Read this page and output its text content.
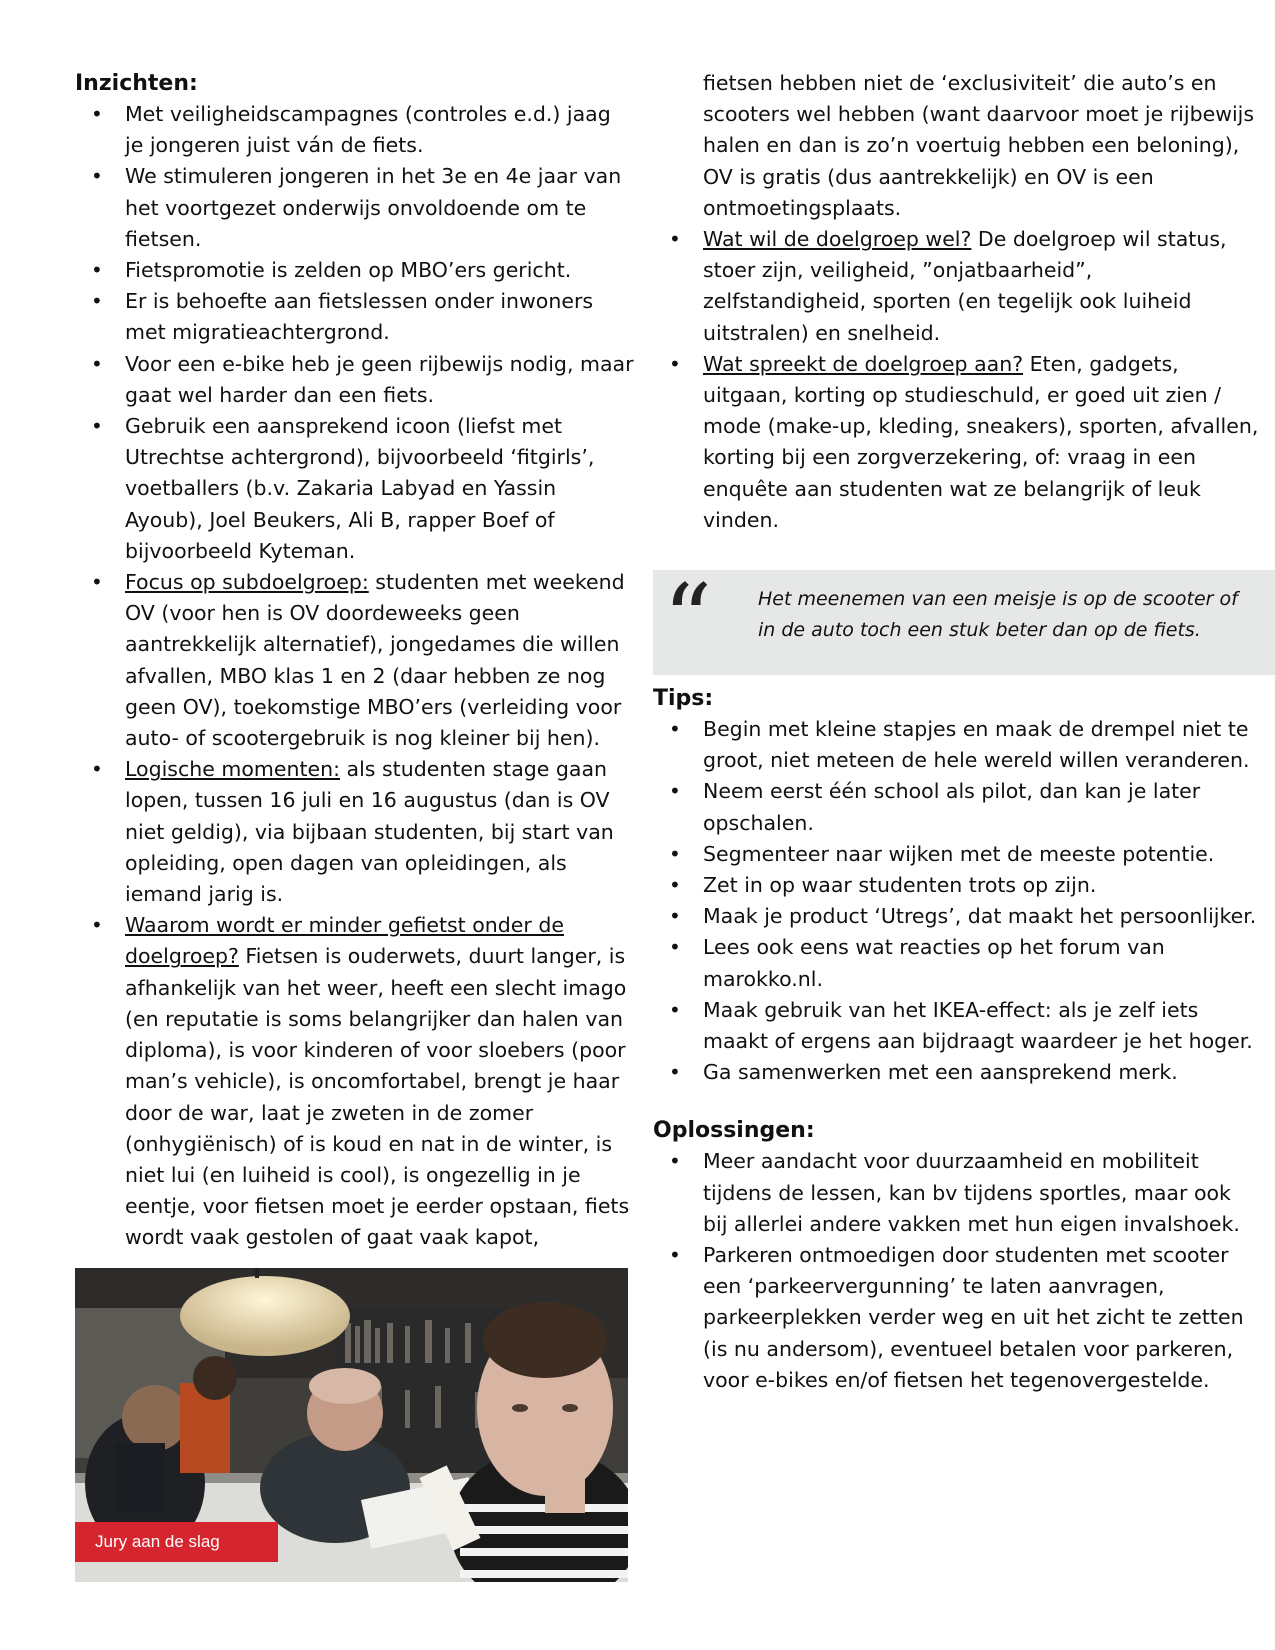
Inzichten:
• Met veiligheidscampagnes (controles e.d.) jaag je jongeren juist ván de fiets.
• We stimuleren jongeren in het 3e en 4e jaar van het voortgezet onderwijs onvoldoende om te fietsen.
• Fietspromotie is zelden op MBO’ers gericht.
• Er is behoefte aan fietslessen onder inwoners met migratieachtergrond.
• Voor een e-bike heb je geen rijbewijs nodig, maar gaat wel harder dan een fiets.
• Gebruik een aansprekend icoon (liefst met Utrechtse achtergrond), bijvoorbeeld ‘fitgirls’, voetballers (b.v. Zakaria Labyad en Yassin Ayoub), Joel Beukers, Ali B, rapper Boef of bijvoorbeeld Kyteman.
• Focus op subdoelgroep: studenten met weekend OV (voor hen is OV doordeweeks geen aantrekkelijk alternatief), jongedames die willen afvallen, MBO klas 1 en 2 (daar hebben ze nog geen OV), toekomstige MBO’ers (verleiding voor auto- of scootergebruik is nog kleiner bij hen).
• Logische momenten: als studenten stage gaan lopen, tussen 16 juli en 16 augustus (dan is OV niet geldig), via bijbaan studenten, bij start van opleiding, open dagen van opleidingen, als iemand jarig is.
• Waarom wordt er minder gefietst onder de doelgroep? Fietsen is ouderwets, duurt langer, is afhankelijk van het weer, heeft een slecht imago (en reputatie is soms belangrijker dan halen van diploma), is voor kinderen of voor sloebers (poor man’s vehicle), is oncomfortabel, brengt je haar door de war, laat je zweten in de zomer (onhygiënisch) of is koud en nat in de winter, is niet lui (en luiheid is cool), is ongezellig in je eentje, voor fietsen moet je eerder opstaan, fiets wordt vaak gestolen of gaat vaak kapot,
Jury aan de slag

fietsen hebben niet de ‘exclusiviteit’ die auto’s en scooters wel hebben (want daarvoor moet je rijbewijs halen en dan is zo’n voertuig hebben een beloning), OV is gratis (dus aantrekkelijk) en OV is een ontmoetingsplaats.

• Wat wil de doelgroep wel? De doelgroep wil status, stoer zijn, veiligheid, ”onjatbaarheid”, zelfstandigheid, sporten (en tegelijk ook luiheid uitstralen) en snelheid.
• Wat spreekt de doelgroep aan? Eten, gadgets, uitgaan, korting op studieschuld, er goed uit zien / mode (make-up, kleding, sneakers), sporten, afvallen, korting bij een zorgverzekering, of: vraag in een enquête aan studenten wat ze belangrijk of leuk vinden.
“ Het meenemen van een meisje is op de scooter of in de auto toch een stuk beter dan op de fiets.
Tips:
• Begin met kleine stapjes en maak de drempel niet te groot, niet meteen de hele wereld willen veranderen.
• Neem eerst één school als pilot, dan kan je later opschalen.
• Segmenteer naar wijken met de meeste potentie.
• Zet in op waar studenten trots op zijn.
• Maak je product ‘Utregs’, dat maakt het persoonlijker.
• Lees ook eens wat reacties op het forum van marokko.nl.
• Maak gebruik van het IKEA-effect: als je zelf iets maakt of ergens aan bijdraagt waardeer je het hoger.
• Ga samenwerken met een aansprekend merk.
Oplossingen:
• Meer aandacht voor duurzaamheid en mobiliteit tijdens de lessen, kan bv tijdens sportles, maar ook bij allerlei andere vakken met hun eigen invalshoek.
• Parkeren ontmoedigen door studenten met scooter een ‘parkeervergunning’ te laten aanvragen, parkeerplekken verder weg en uit het zicht te zetten (is nu andersom), eventueel betalen voor parkeren, voor e-bikes en/of fietsen het tegenovergestelde.
